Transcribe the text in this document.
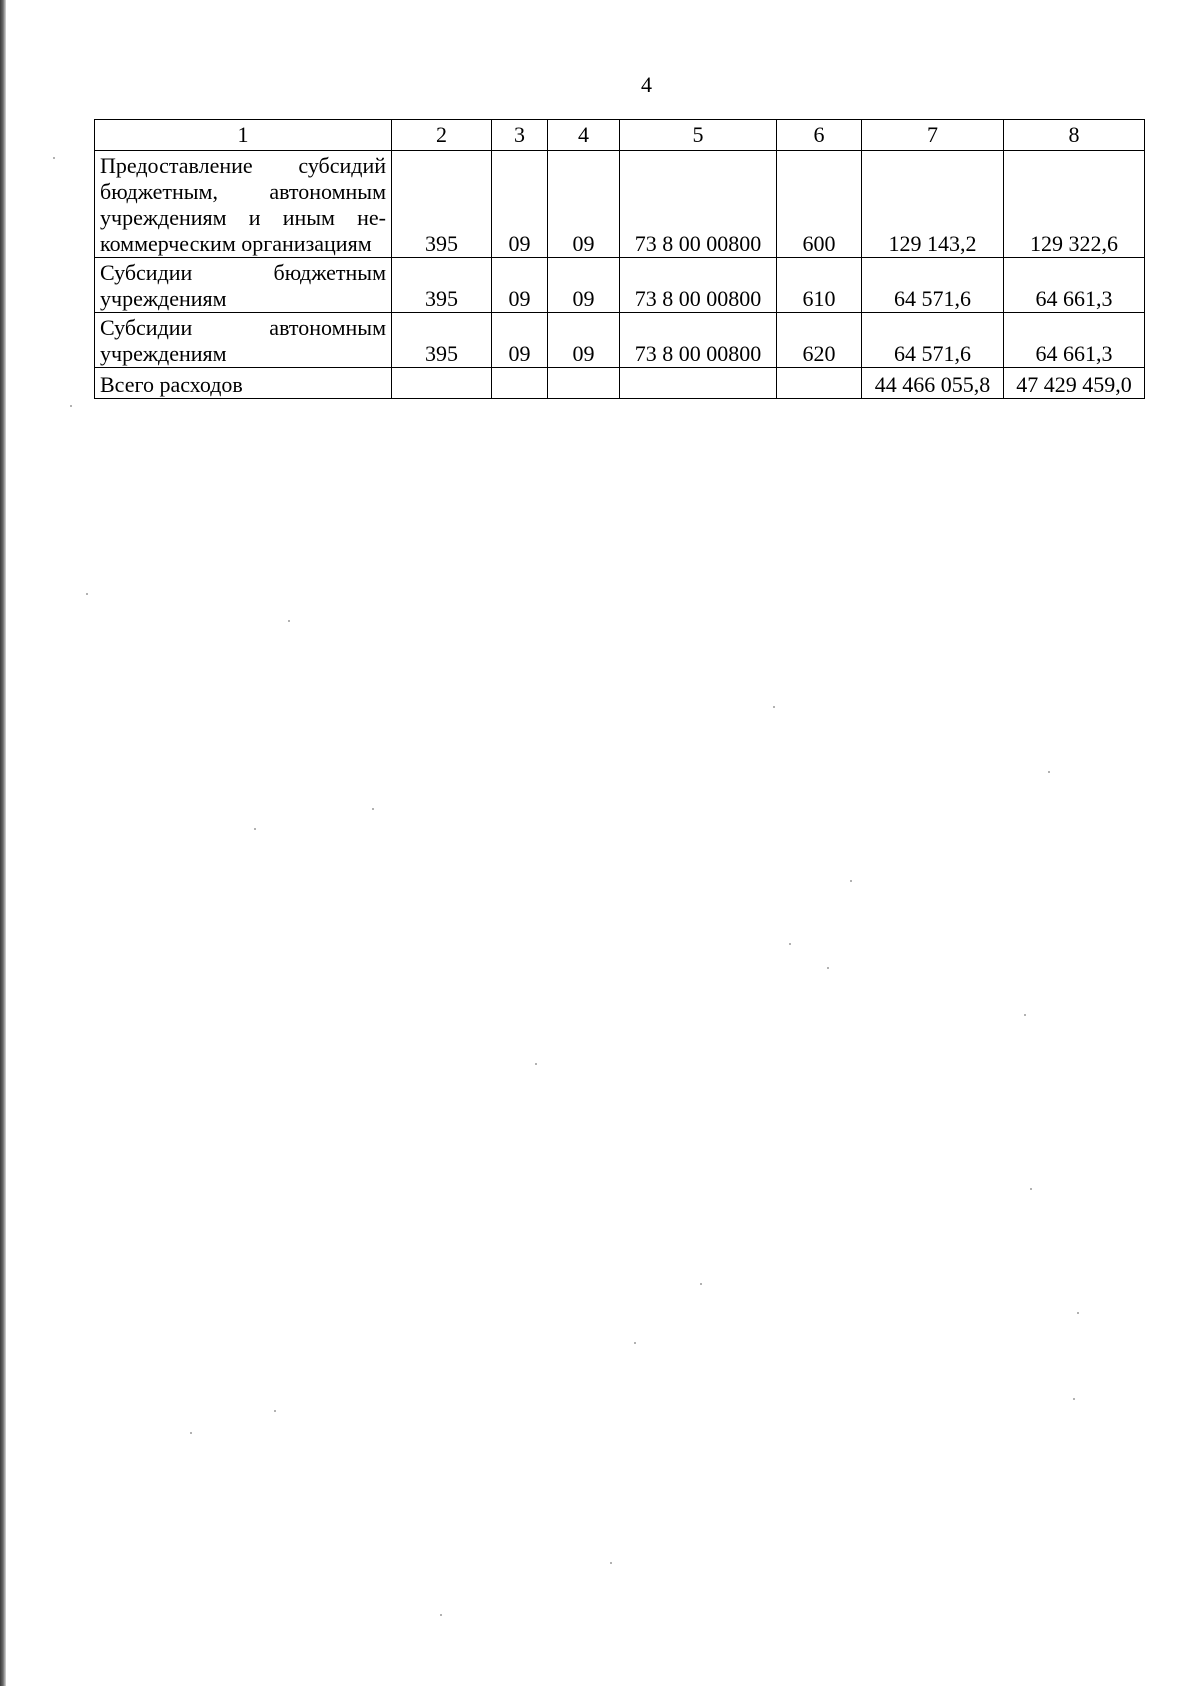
4
1	2	3	4	5	6	7	8
Предоставление субсидий бюджетным, автономным учреждениям и иным некоммерческим организациям	395	09	09	73 8 00 00800	600	129 143,2	129 322,6
Субсидии бюджетным учреждениям	395	09	09	73 8 00 00800	610	64 571,6	64 661,3
Субсидии автономным учреждениям	395	09	09	73 8 00 00800	620	64 571,6	64 661,3
Всего расходов						44 466 055,8	47 429 459,0
